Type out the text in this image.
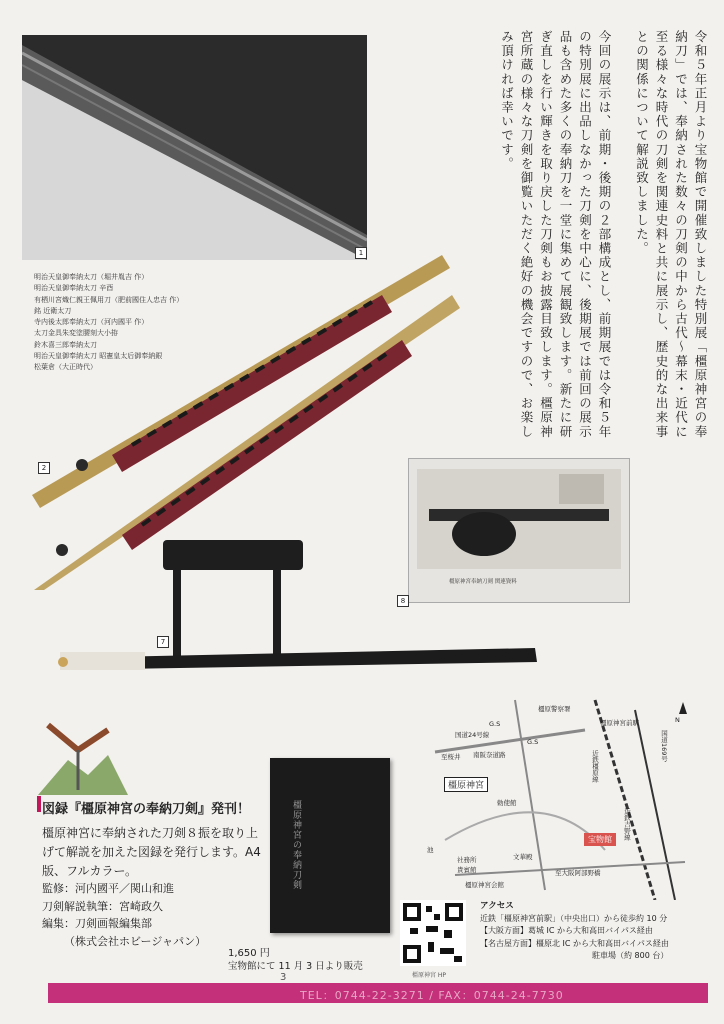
1	令和５年正月より宝物館で開催致しました特別展「橿原神宮の奉納刀」では、奉納された数々の刀剣の中から古代〜幕末・近代に至る様々な時代の刀剣を関連史料と共に展示し、歴史的な出来事との関係について解説致しました。

今回の展示は、前期・後期の２部構成とし、前期展では令和５年の特別展に出品しなかった刀剣を中心に、後期展では前回の展示品も含めた多くの奉納刀を一堂に集めて展観致します。新たに研ぎ直しを行い輝きを取り戻した刀剣もお披露目致します。橿原神宮所蔵の様々な刀剣を御覧いただく絶好の機会ですので、お楽しみ頂ければ幸いです。

明治天皇御奉納太刀（堀井胤吉 作）
明治天皇御奉納太刀 辛酉
有栖川宮熾仁親王佩用刀（肥前國住人忠吉 作）
銘 近衛太刀
寺内後太郎奉納太刀（河内國平 作）
太刀金具朱変塗腰刻大小拵
鈴木喜三郎奉納太刀
明治天皇御奉納太刀 昭憲皇太后御奉納銀
松葉倉（大正時代）
2
橿原神宮奉納刀剣 関連資料
8
7
図録『橿原神宮の奉納刀剣』発刊！
橿原神宮に奉納された刀剣８振を取り上げて解説を加えた図録を発行します。A4 版、フルカラー。
監修：河内國平／関山和進
刀剣解説執筆：宮崎政久
編集：刀剣画報編集部
（株式会社ホビージャパン）
橿原神宮の奉納刀剣
1,650 円
宝物館にて 11 月 3 日より販売
至桜井
国道24号線
G.S
G.S
橿原警察署
南阪奈道路
橿原神宮前駅
国道169号
勅使館
文華殿
池
社務所
貴賓館
橿原神宮会館
至大阪阿部野橋
近鉄吉野線
近鉄橿原線
N
橿原神宮
宝物館
橿原神宮 HP
アクセス
近鉄「橿原神宮前駅」（中央出口）から徒歩約 10 分
【大阪方面】葛城 IC から大和高田バイパス経由
【名古屋方面】橿原北 IC から大和高田バイパス経由
駐車場（約 800 台）
3
TEL：0744-22-3271 / FAX：0744-24-7730
